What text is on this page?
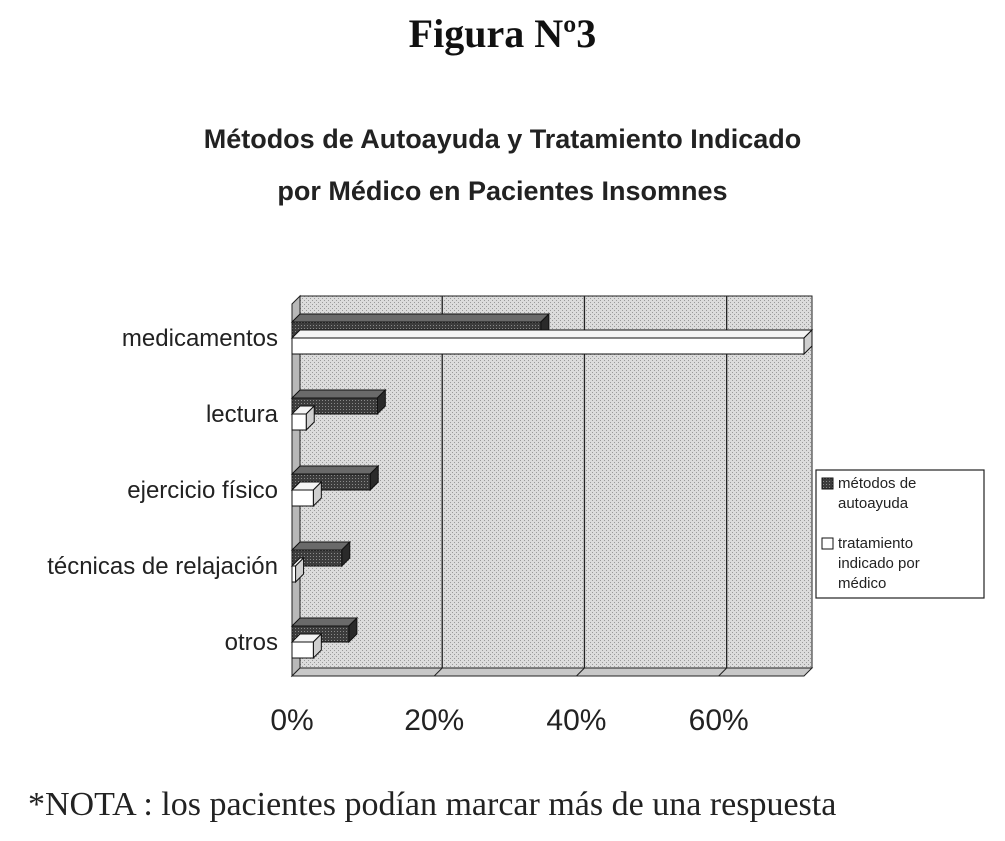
Figura Nº3
Métodos de Autoayuda y Tratamiento Indicado
por Médico en Pacientes Insomnes
0%	20%	40%	60%
medicamentos
lectura
ejercicio físico
técnicas de relajación
otros
métodos de
autoayuda
tratamiento
indicado por
médico
*NOTA : los pacientes podían marcar más de una respuesta
